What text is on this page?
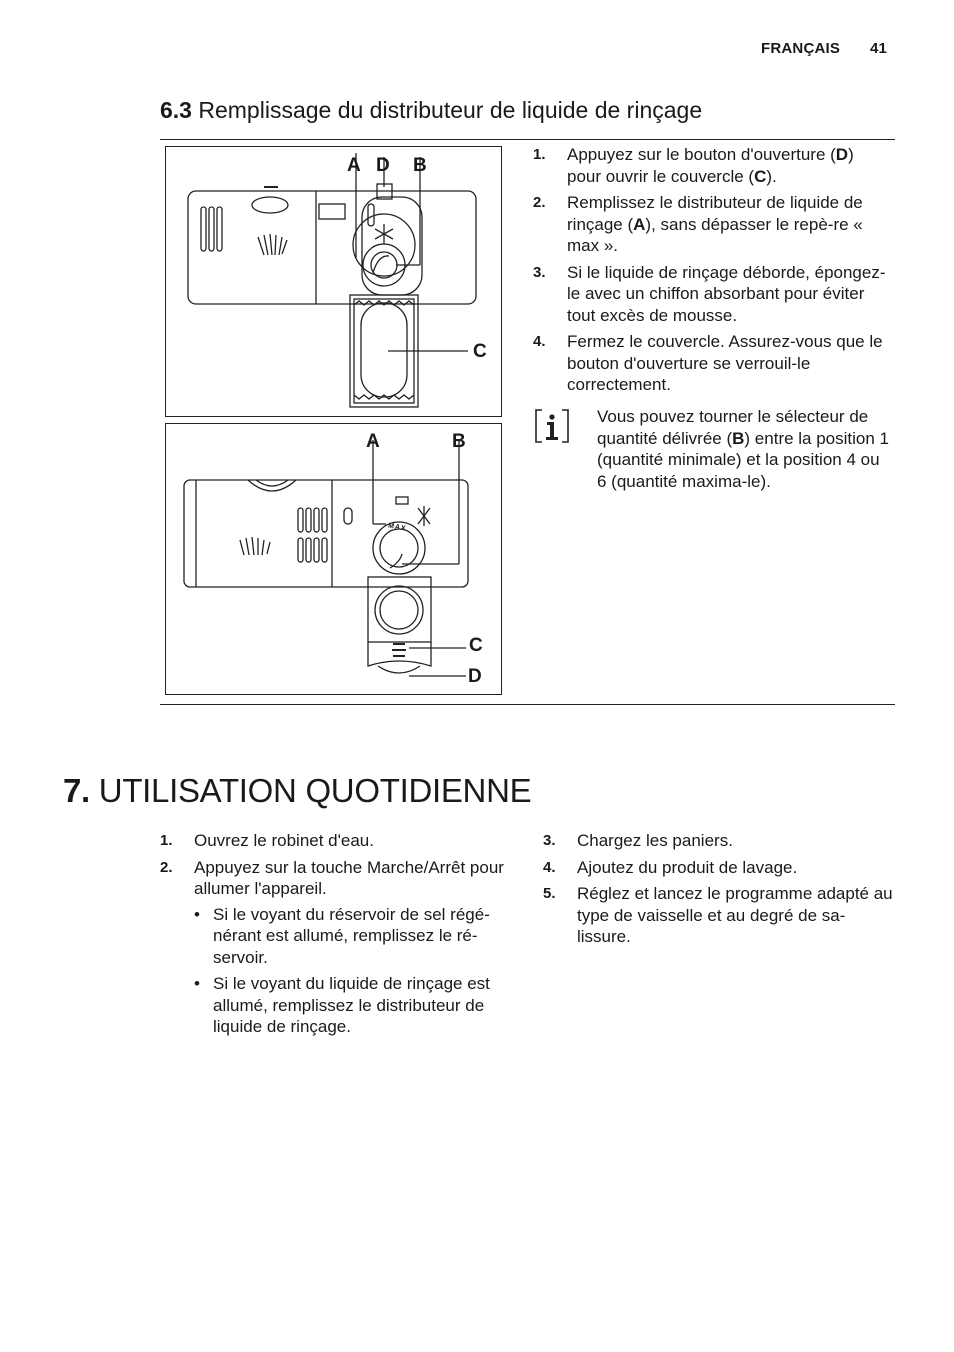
FRANÇAIS 41
6.3 Remplissage du distributeur de liquide de rinçage
A D B
C
MAX
A	B
C
D
1. Appuyez sur le bouton d'ouverture (D) pour ouvrir le couvercle (C).
2. Remplissez le distributeur de liquide de rinçage (A), sans dépasser le repè-re « max ».
3. Si le liquide de rinçage déborde, épongez-le avec un chiffon absorbant pour éviter tout excès de mousse.
4. Fermez le couvercle. Assurez-vous que le bouton d'ouverture se verrouil-le correctement.
Vous pouvez tourner le sélecteur de quantité délivrée (B) entre la position 1 (quantité minimale) et la position 4 ou 6 (quantité maxima-le).
7. UTILISATION QUOTIDIENNE
1. Ouvrez le robinet d'eau.
2. Appuyez sur la touche Marche/Arrêt pour allumer l'appareil.
• Si le voyant du réservoir de sel régé-nérant est allumé, remplissez le ré-servoir.
• Si le voyant du liquide de rinçage est allumé, remplissez le distributeur de liquide de rinçage.
3. Chargez les paniers.
4. Ajoutez du produit de lavage.
5. Réglez et lancez le programme adapté au type de vaisselle et au degré de sa-lissure.
